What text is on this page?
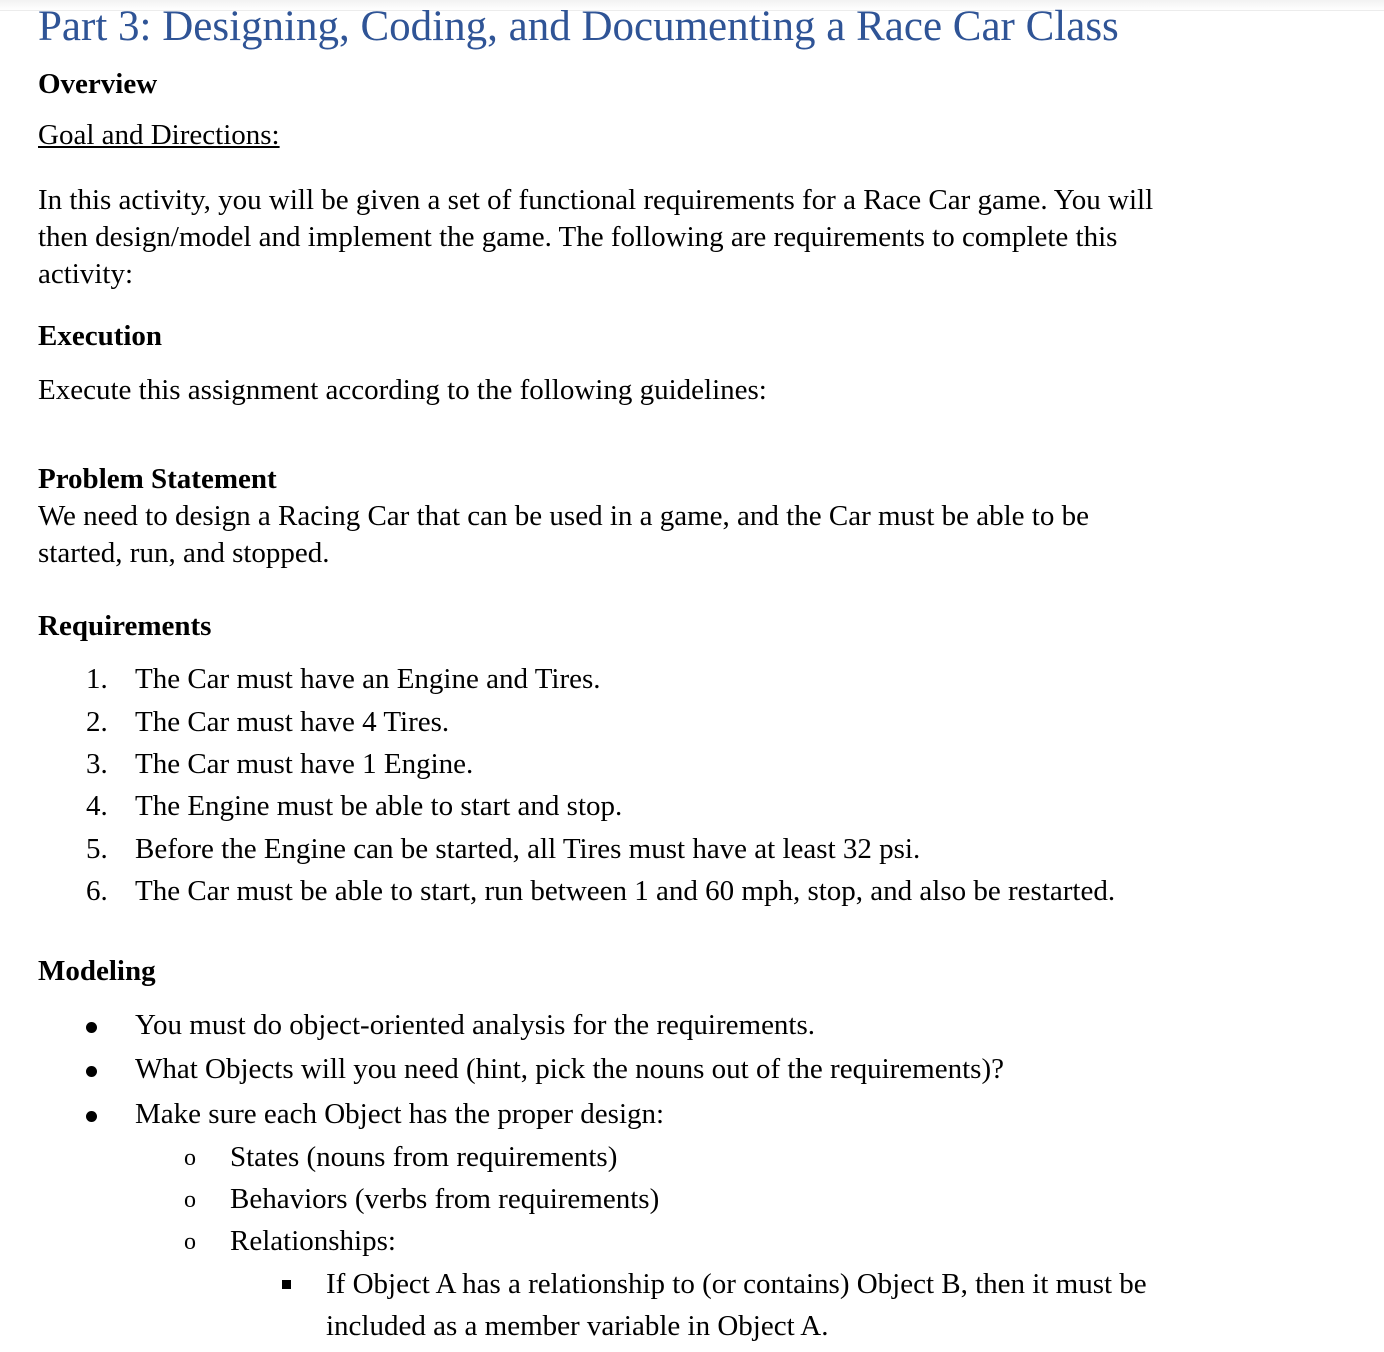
Part 3: Designing, Coding, and Documenting a Race Car Class
Overview
Goal and Directions:
In this activity, you will be given a set of functional requirements for a Race Car game. You will
then design/model and implement the game. The following are requirements to complete this
activity:
Execution
Execute this assignment according to the following guidelines:
Problem Statement
We need to design a Racing Car that can be used in a game, and the Car must be able to be
started, run, and stopped.
Requirements
1. The Car must have an Engine and Tires.
2. The Car must have 4 Tires.
3. The Car must have 1 Engine.
4. The Engine must be able to start and stop.
5. Before the Engine can be started, all Tires must have at least 32 psi.
6. The Car must be able to start, run between 1 and 60 mph, stop, and also be restarted.
Modeling
You must do object-oriented analysis for the requirements.
What Objects will you need (hint, pick the nouns out of the requirements)?
Make sure each Object has the proper design:
o States (nouns from requirements)
o Behaviors (verbs from requirements)
o Relationships:
If Object A has a relationship to (or contains) Object B, then it must be
included as a member variable in Object A.
